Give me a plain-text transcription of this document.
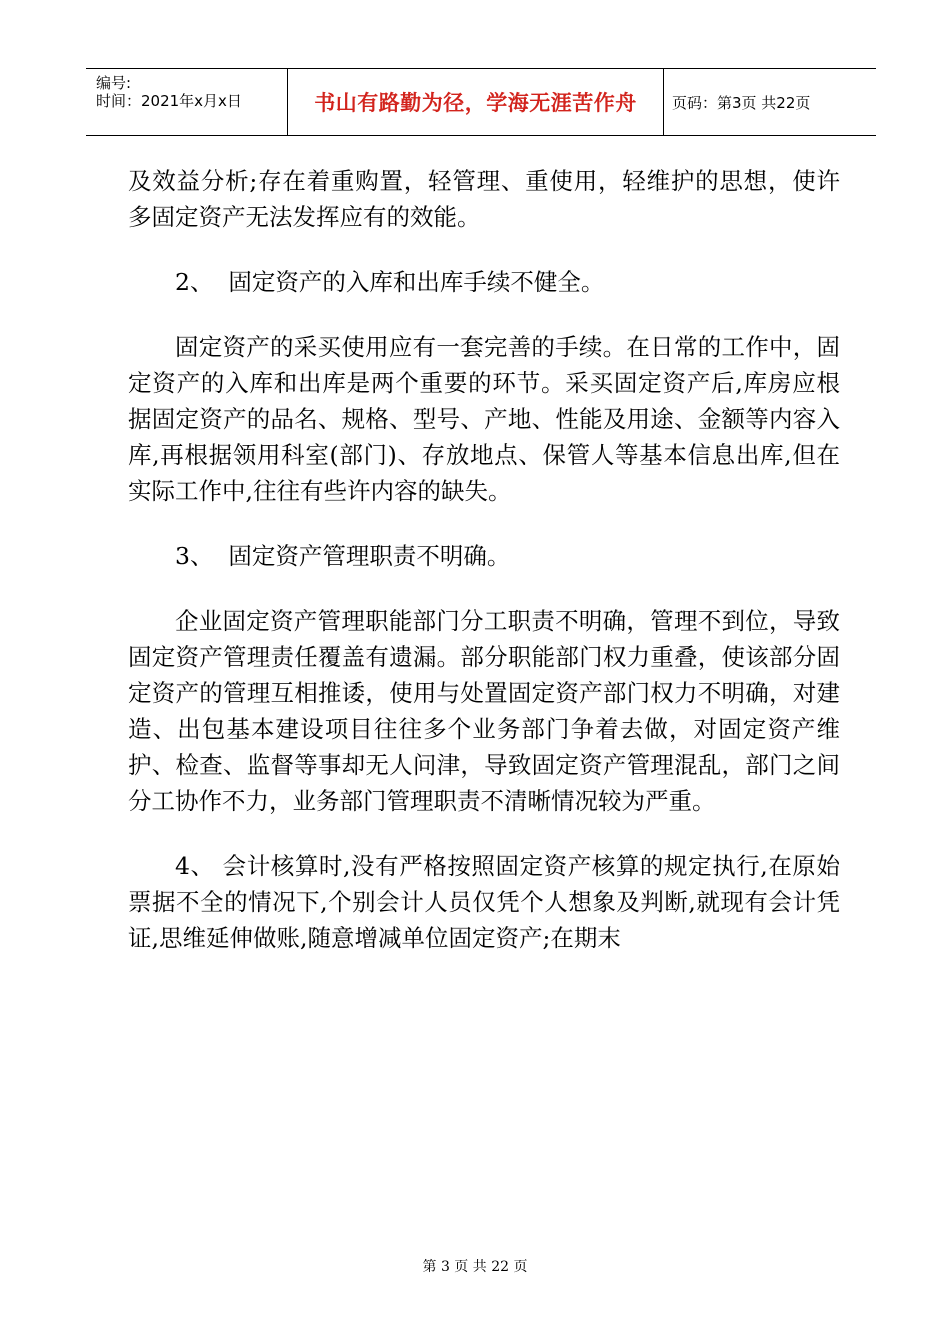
编号:
时间：2021年x月x日	书山有路勤为径，学海无涯苦作舟 页码：第3页 共22页

及效益分析;存在着重购置，轻管理、重使用，轻维护的思想，使许多固定资产无法发挥应有的效能。

2、  固定资产的入库和出库手续不健全。

固定资产的采买使用应有一套完善的手续。在日常的工作中，固定资产的入库和出库是两个重要的环节。采买固定资产后,库房应根据固定资产的品名、规格、型号、产地、性能及用途、金额等内容入库,再根据领用科室(部门)、存放地点、保管人等基本信息出库,但在实际工作中,往往有些许内容的缺失。

3、  固定资产管理职责不明确。

企业固定资产管理职能部门分工职责不明确，管理不到位，导致固定资产管理责任覆盖有遗漏。部分职能部门权力重叠，使该部分固定资产的管理互相推诿，使用与处置固定资产部门权力不明确，对建造、出包基本建设项目往往多个业务部门争着去做，对固定资产维护、检查、监督等事却无人问津，导致固定资产管理混乱，部门之间分工协作不力，业务部门管理职责不清晰情况较为严重。

4、 会计核算时,没有严格按照固定资产核算的规定执行,在原始票据不全的情况下,个别会计人员仅凭个人想象及判断,就现有会计凭证,思维延伸做账,随意增减单位固定资产;在期末

第 3 页 共 22 页
